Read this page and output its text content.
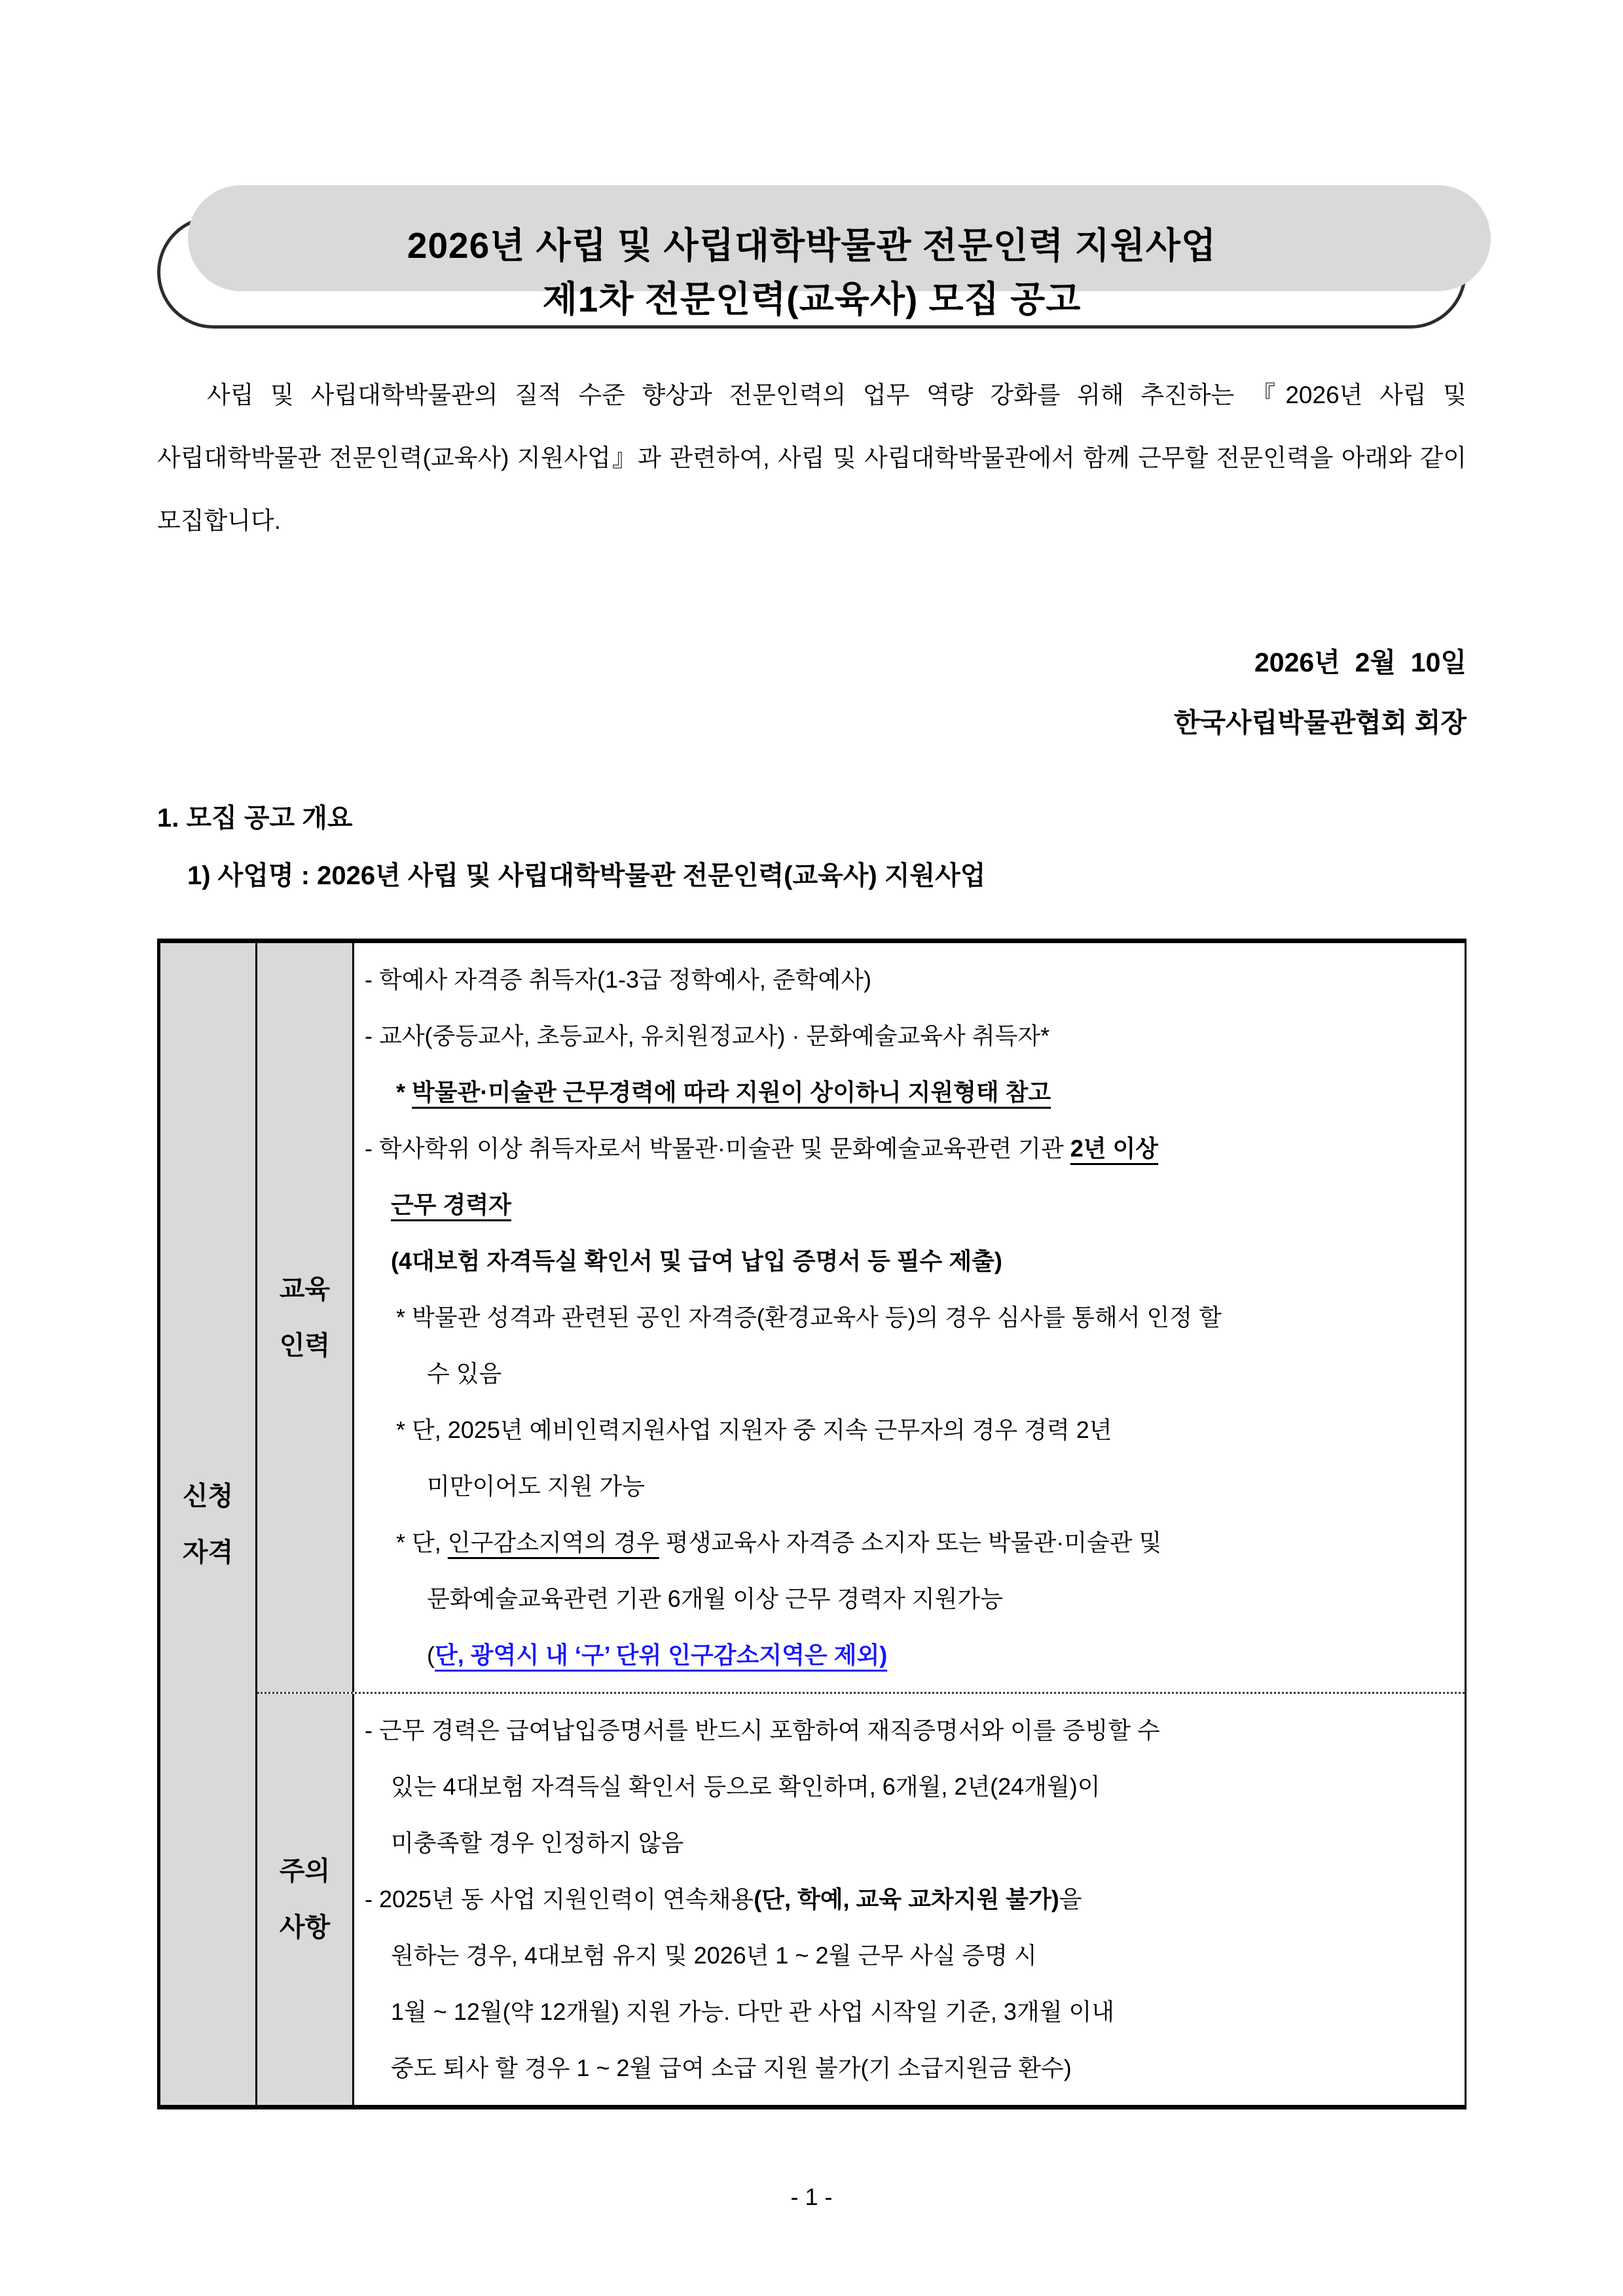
2026년 사립 및 사립대학박물관 전문인력 지원사업
제1차 전문인력(교육사) 모집 공고
사립 및 사립대학박물관의 질적 수준 향상과 전문인력의 업무 역량 강화를 위해 추진하는 『2026년 사립 및 사립대학박물관 전문인력(교육사) 지원사업』과 관련하여, 사립 및 사립대학박물관에서 함께 근무할 전문인력을 아래와 같이 모집합니다.
2026년  2월  10일
한국사립박물관협회 회장
1. 모집 공고 개요
1) 사업명 : 2026년 사립 및 사립대학박물관 전문인력(교육사) 지원사업
신청
자격
교육
인력
- 학예사 자격증 취득자(1-3급 정학예사, 준학예사)
- 교사(중등교사, 초등교사, 유치원정교사) · 문화예술교육사 취득자*
* 박물관·미술관 근무경력에 따라 지원이 상이하니 지원형태 참고
- 학사학위 이상 취득자로서 박물관·미술관 및 문화예술교육관련 기관 2년 이상
근무 경력자
(4대보험 자격득실 확인서 및 급여 납입 증명서 등 필수 제출)
* 박물관 성격과 관련된 공인 자격증(환경교육사 등)의 경우 심사를 통해서 인정 할
수 있음
* 단, 2025년 예비인력지원사업 지원자 중 지속 근무자의 경우 경력 2년
미만이어도 지원 가능
* 단, 인구감소지역의 경우 평생교육사 자격증 소지자 또는 박물관·미술관 및
문화예술교육관련 기관 6개월 이상 근무 경력자 지원가능
(단, 광역시 내 ‘구’ 단위 인구감소지역은 제외)
주의
사항
- 근무 경력은 급여납입증명서를 반드시 포함하여 재직증명서와 이를 증빙할 수
있는 4대보험 자격득실 확인서 등으로 확인하며, 6개월, 2년(24개월)이
미충족할 경우 인정하지 않음
- 2025년 동 사업 지원인력이 연속채용(단, 학예, 교육 교차지원 불가)을
원하는 경우, 4대보험 유지 및 2026년 1 ~ 2월 근무 사실 증명 시
1월 ~ 12월(약 12개월) 지원 가능. 다만 관 사업 시작일 기준, 3개월 이내
중도 퇴사 할 경우 1 ~ 2월 급여 소급 지원 불가(기 소급지원금 환수)
- 1 -
